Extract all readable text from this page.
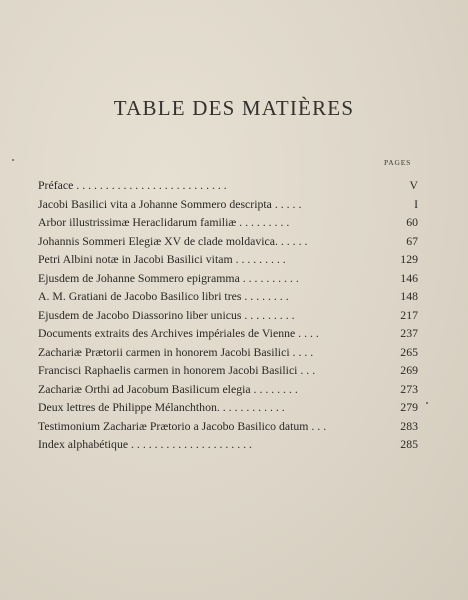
TABLE DES MATIÈRES
PAGES
Préface . . . . . . . . . . . . . . . . . . . . . . . . . .	V
Jacobi Basilici vita a Johanne Sommero descripta . . . . .	I
Arbor illustrissimæ Heraclidarum familiæ . . . . . . . . .	60
Johannis Sommeri Elegiæ XV de clade moldavica. . . . . .	67
Petri Albini notæ in Jacobi Basilici vitam . . . . . . . . .	129
Ejusdem de Johanne Sommero epigramma . . . . . . . . . .	146
A. M. Gratiani de Jacobo Basilico libri tres . . . . . . . .	148
Ejusdem de Jacobo Diassorino liber unicus . . . . . . . . .	217
Documents extraits des Archives impériales de Vienne . . . .	237
Zachariæ Prætorii carmen in honorem Jacobi Basilici . . . .	265
Francisci Raphaelis carmen in honorem Jacobi Basilici . . .	269
Zachariæ Orthi ad Jacobum Basilicum elegia . . . . . . . .	273
Deux lettres de Philippe Mélanchthon. . . . . . . . . . . .	279
Testimonium Zachariæ Prætorio a Jacobo Basilico datum . . .	283
Index alphabétique . . . . . . . . . . . . . . . . . . . . .	285
